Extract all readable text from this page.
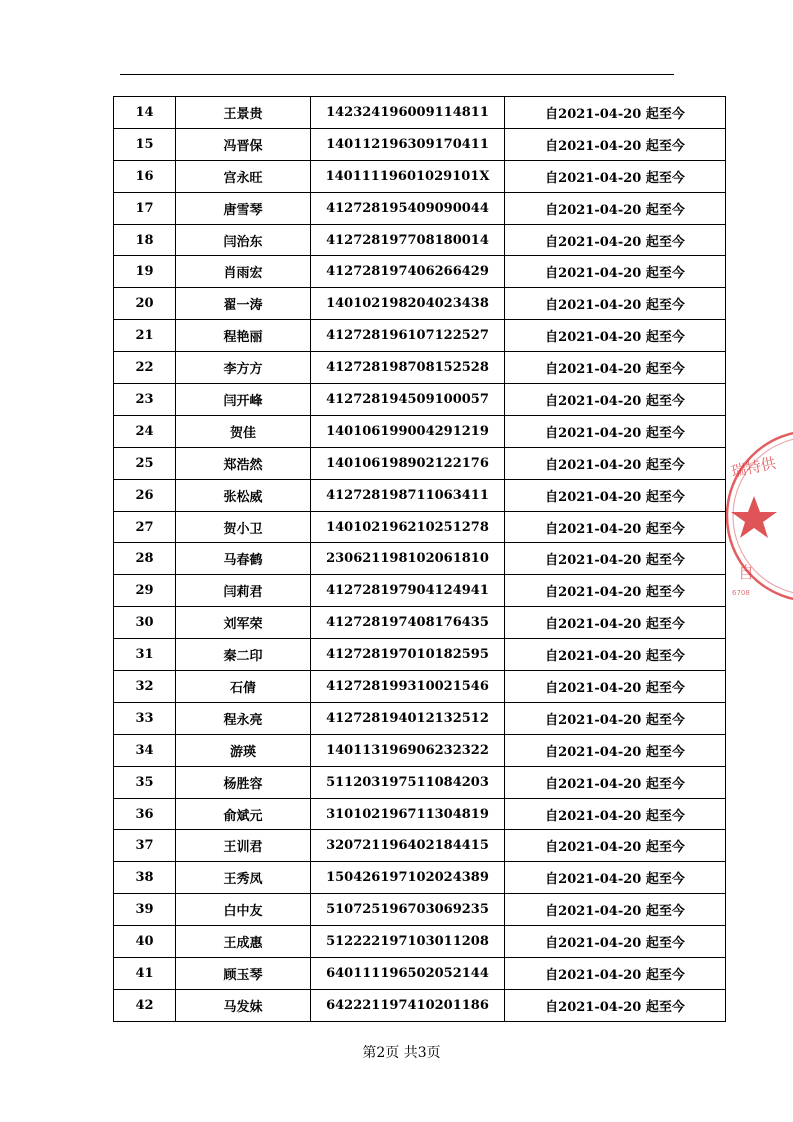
14	王景贵	142324196009114811	自2021-04-20 起至今
15	冯晋保	140112196309170411	自2021-04-20 起至今
16	宫永旺	14011119601029101X	自2021-04-20 起至今
17	唐雪琴	412728195409090044	自2021-04-20 起至今
18	闫治东	412728197708180014	自2021-04-20 起至今
19	肖雨宏	412728197406266429	自2021-04-20 起至今
20	翟一涛	140102198204023438	自2021-04-20 起至今
21	程艳丽	412728196107122527	自2021-04-20 起至今
22	李方方	412728198708152528	自2021-04-20 起至今
23	闫开峰	412728194509100057	自2021-04-20 起至今
24	贺佳	140106199004291219	自2021-04-20 起至今
25	郑浩然	140106198902122176	自2021-04-20 起至今
26	张松威	412728198711063411	自2021-04-20 起至今
27	贺小卫	140102196210251278	自2021-04-20 起至今
28	马春鹤	230621198102061810	自2021-04-20 起至今
29	闫莉君	412728197904124941	自2021-04-20 起至今
30	刘军荣	412728197408176435	自2021-04-20 起至今
31	秦二印	412728197010182595	自2021-04-20 起至今
32	石倩	412728199310021546	自2021-04-20 起至今
33	程永亮	412728194012132512	自2021-04-20 起至今
34	游瑛	140113196906232322	自2021-04-20 起至今
35	杨胜容	511203197511084203	自2021-04-20 起至今
36	俞斌元	310102196711304819	自2021-04-20 起至今
37	王训君	320721196402184415	自2021-04-20 起至今
38	王秀凤	150426197102024389	自2021-04-20 起至今
39	白中友	510725196703069235	自2021-04-20 起至今
40	王成惠	512222197103011208	自2021-04-20 起至今
41	顾玉琴	640111196502052144	自2021-04-20 起至今
42	马发妹	642221197410201186	自2021-04-20 起至今
瑞特供
自
6708
第2页 共3页
